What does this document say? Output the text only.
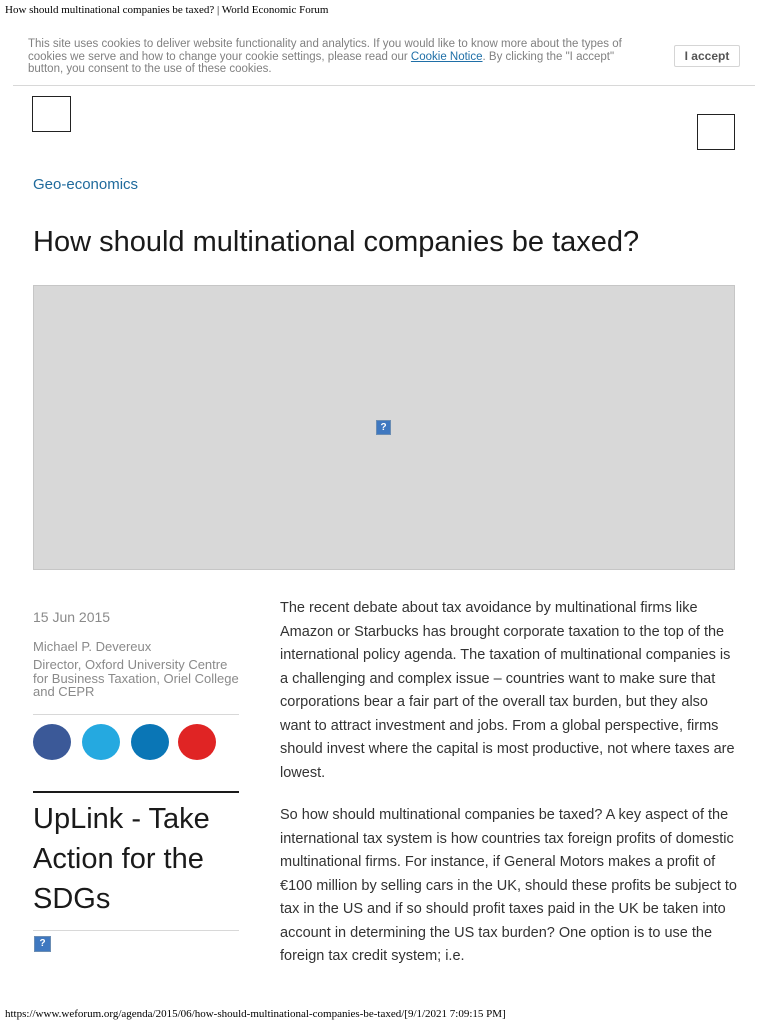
How should multinational companies be taxed? | World Economic Forum
This site uses cookies to deliver website functionality and analytics. If you would like to know more about the types of cookies we serve and how to change your cookie settings, please read our Cookie Notice. By clicking the "I accept" button, you consent to the use of these cookies.
I accept
Geo-economics
How should multinational companies be taxed?
?
15 Jun 2015
Michael P. Devereux
Director, Oxford University Centre for Business Taxation, Oriel College and CEPR
UpLink - Take Action for the SDGs
?

The recent debate about tax avoidance by multinational firms like Amazon or Starbucks has brought corporate taxation to the top of the international policy agenda. The taxation of multinational companies is a challenging and complex issue – countries want to make sure that corporations bear a fair part of the overall tax burden, but they also want to attract investment and jobs. From a global perspective, firms should invest where the capital is most productive, not where taxes are lowest.

So how should multinational companies be taxed? A key aspect of the international tax system is how countries tax foreign profits of domestic multinational firms. For instance, if General Motors makes a profit of €100 million by selling cars in the UK, should these profits be subject to tax in the US and if so should profit taxes paid in the UK be taken into account in determining the US tax burden? One option is to use the foreign tax credit system; i.e.

https://www.weforum.org/agenda/2015/06/how-should-multinational-companies-be-taxed/[9/1/2021 7:09:15 PM]
